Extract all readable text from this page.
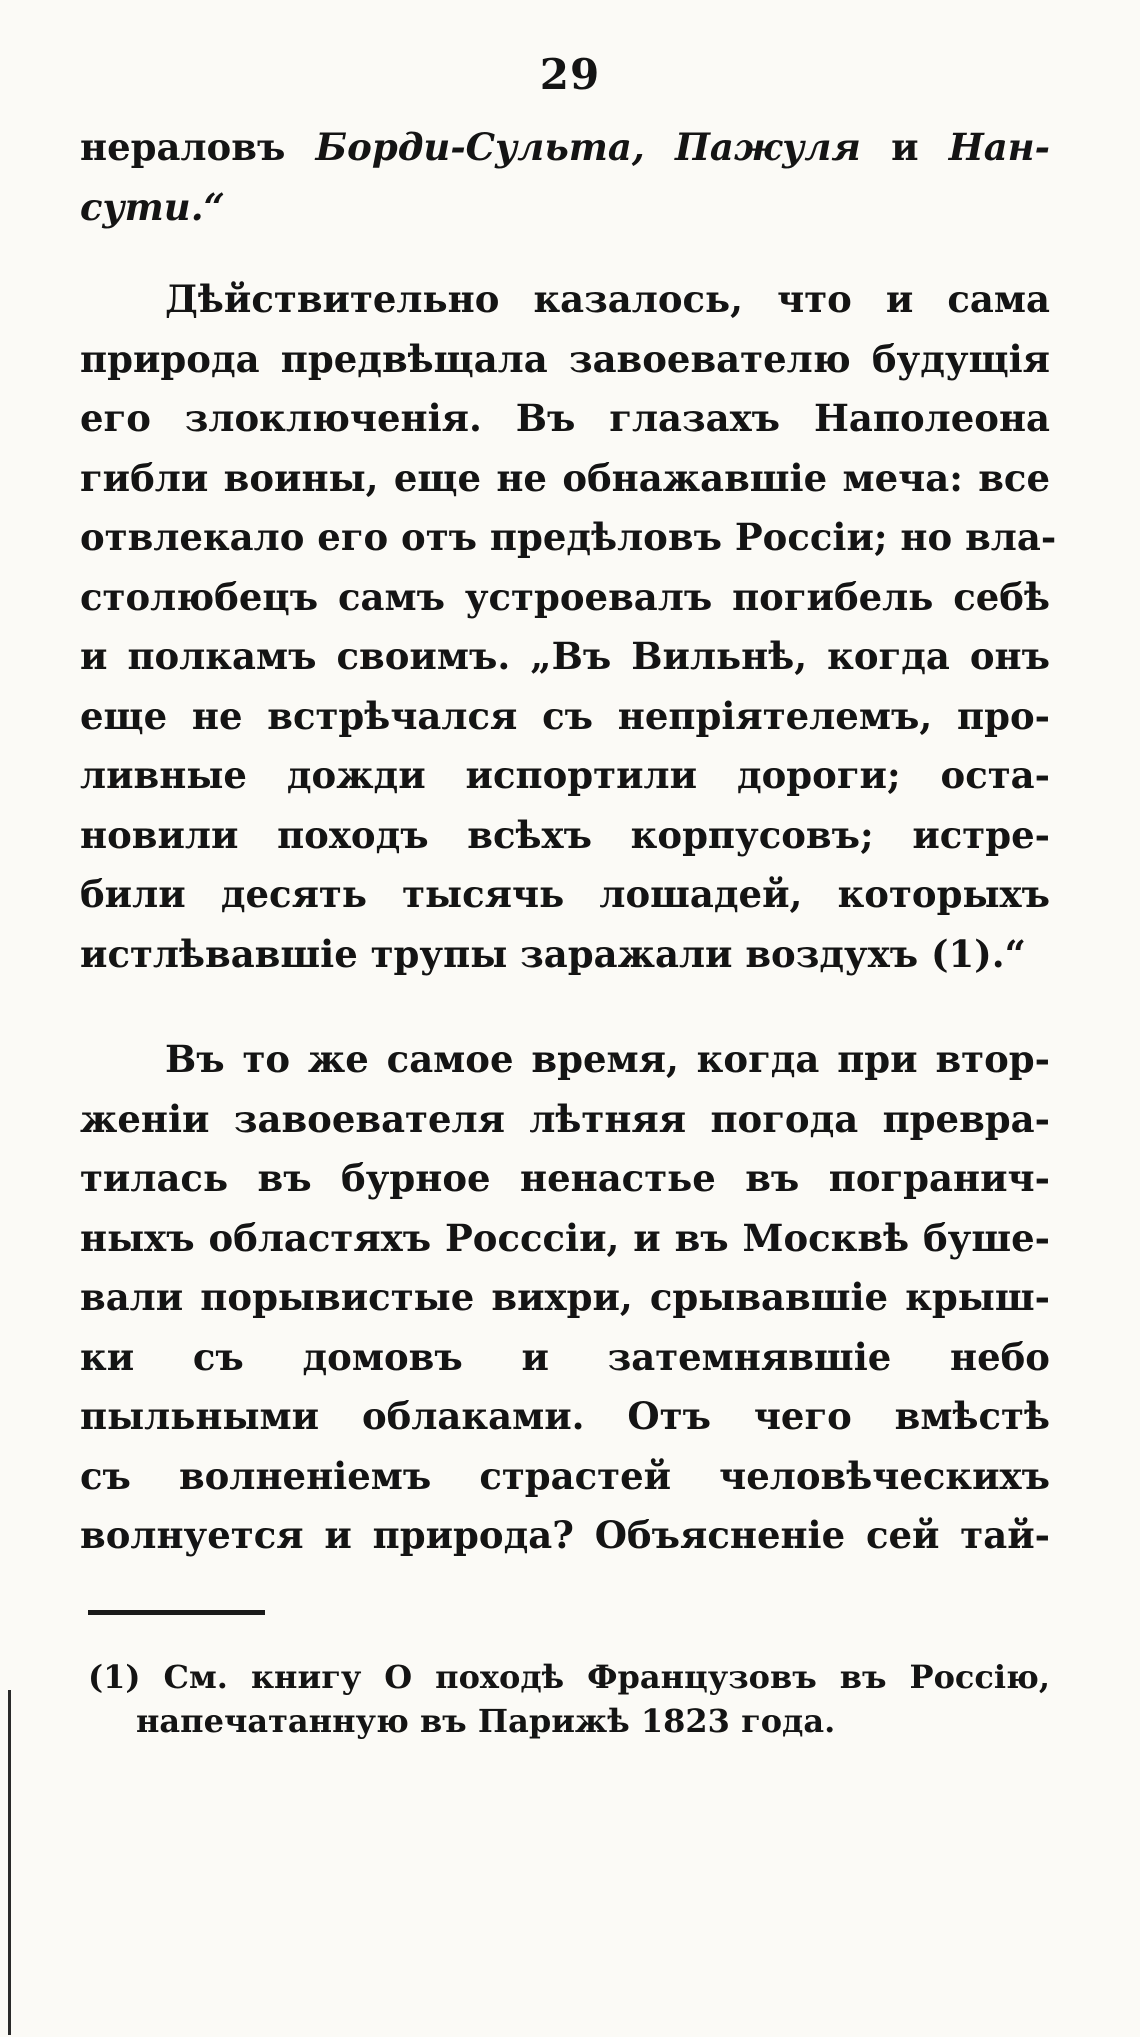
29
нераловъ Борди-Сульта, Пажуля и Нан-
сути.“
Дѣйствительно казалось, что и сама
природа предвѣщала завоевателю будущія
его злоключенія. Въ глазахъ Наполеона
гибли воины, еще не обнажавшіе меча: все
отвлекало его отъ предѣловъ Россіи; но вла-
столюбецъ самъ устроевалъ погибель себѣ
и полкамъ своимъ. „Въ Вильнѣ, когда онъ
еще не встрѣчался съ непріятелемъ, про-
ливные дожди испортили дороги; оста-
новили походъ всѣхъ корпусовъ; истре-
били десять тысячь лошадей, которыхъ
истлѣвавшіе трупы заражали воздухъ (1).“
Въ то же самое время, когда при втор-
женіи завоевателя лѣтняя погода превра-
тилась въ бурное ненастье въ погранич-
ныхъ областяхъ Росссіи, и въ Москвѣ буше-
вали порывистые вихри, срывавшіе крыш-
ки съ домовъ и затемнявшіе небо
пыльными облаками. Отъ чего вмѣстѣ
съ волненіемъ страстей человѣческихъ
волнуется и природа? Объясненіе сей тай-
(1) См. книгу О походѣ Французовъ въ Россію,
напечатанную въ Парижѣ 1823 года.
